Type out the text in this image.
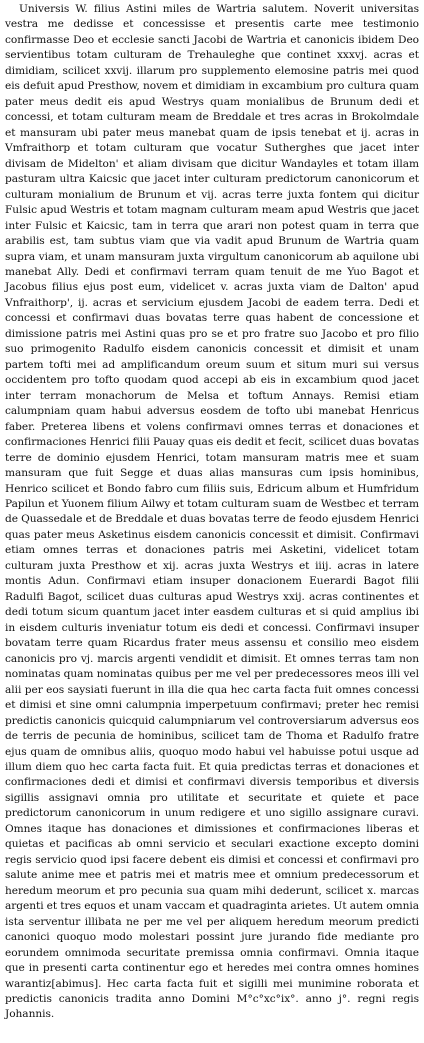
Universis W. filius Astini miles de Wartria salutem. Noverit universitas vestra me dedisse et concessisse et presentis carte mee testimonio confirmasse Deo et ecclesie sancti Jacobi de Wartria et canonicis ibidem Deo servientibus totam culturam de Trehauleghe que continet xxxvj. acras et dimidiam, scilicet xxvij. illarum pro supplemento elemosine patris mei quod eis defuit apud Presthow, novem et dimidiam in excambium pro cultura quam pater meus dedit eis apud Westrys quam monialibus de Brunum dedi et concessi, et totam culturam meam de Breddale et tres acras in Brokolmdale et mansuram ubi pater meus manebat quam de ipsis tenebat et ij. acras in Vmfraithorp et totam culturam que vocatur Sutherghes que jacet inter divisam de Midelton' et aliam divisam que dicitur Wandayles et totam illam pasturam ultra Kaicsic que jacet inter culturam predictorum canonicorum et culturam monialium de Brunum et vij. acras terre juxta fontem qui dicitur Fulsic apud Westris et totam magnam culturam meam apud Westris que jacet inter Fulsic et Kaicsic, tam in terra que arari non potest quam in terra que arabilis est, tam subtus viam que via vadit apud Brunum de Wartria quam supra viam, et unam mansuram juxta virgultum canonicorum ab aquilone ubi manebat Ally. Dedi et confirmavi terram quam tenuit de me Yuo Bagot et Jacobus filius ejus post eum, videlicet v. acras juxta viam de Dalton' apud Vnfraithorp', ij. acras et servicium ejusdem Jacobi de eadem terra. Dedi et concessi et confirmavi duas bovatas terre quas habent de concessione et dimissione patris mei Astini quas pro se et pro fratre suo Jacobo et pro filio suo primogenito Radulfo eisdem canonicis concessit et dimisit et unam partem tofti mei ad amplificandum oreum suum et situm muri sui versus occidentem pro tofto quodam quod accepi ab eis in excambium quod jacet inter terram monachorum de Melsa et toftum Annays. Remisi etiam calumpniam quam habui adversus eosdem de tofto ubi manebat Henricus faber. Preterea libens et volens confirmavi omnes terras et donaciones et confirmaciones Henrici filii Pauay quas eis dedit et fecit, scilicet duas bovatas terre de dominio ejusdem Henrici, totam mansuram matris mee et suam mansuram que fuit Segge et duas alias mansuras cum ipsis hominibus, Henrico scilicet et Bondo fabro cum filiis suis, Edricum album et Humfridum Papilun et Yuonem filium Ailwy et totam culturam suam de Westbec et terram de Quassedale et de Breddale et duas bovatas terre de feodo ejusdem Henrici quas pater meus Asketinus eisdem canonicis concessit et dimisit. Confirmavi etiam omnes terras et donaciones patris mei Asketini, videlicet totam culturam juxta Presthow et xij. acras juxta Westrys et iiij. acras in latere montis Adun. Confirmavi etiam insuper donacionem Euerardi Bagot filii Radulfi Bagot, scilicet duas culturas apud Westrys xxij. acras continentes et dedi totum sicum quantum jacet inter easdem culturas et si quid amplius ibi in eisdem culturis inveniatur totum eis dedi et concessi. Confirmavi insuper bovatam terre quam Ricardus frater meus assensu et consilio meo eisdem canonicis pro vj. marcis argenti vendidit et dimisit. Et omnes terras tam non nominatas quam nominatas quibus per me vel per predecessores meos illi vel alii per eos saysiati fuerunt in illa die qua hec carta facta fuit omnes concessi et dimisi et sine omni calumpnia imperpetuum confirmavi; preter hec remisi predictis canonicis quicquid calumpniarum vel controversiarum adversus eos de terris de pecunia de hominibus, scilicet tam de Thoma et Radulfo fratre ejus quam de omnibus aliis, quoquo modo habui vel habuisse potui usque ad illum diem quo hec carta facta fuit. Et quia predictas terras et donaciones et confirmaciones dedi et dimisi et confirmavi diversis temporibus et diversis sigillis assignavi omnia pro utilitate et securitate et quiete et pace predictorum canonicorum in unum redigere et uno sigillo assignare curavi. Omnes itaque has donaciones et dimissiones et confirmaciones liberas et quietas et pacificas ab omni servicio et seculari exactione excepto domini regis servicio quod ipsi facere debent eis dimisi et concessi et confirmavi pro salute anime mee et patris mei et matris mee et omnium predecessorum et heredum meorum et pro pecunia sua quam mihi dederunt, scilicet x. marcas argenti et tres equos et unam vaccam et quadraginta arietes. Ut autem omnia ista serventur illibata ne per me vel per aliquem heredum meorum predicti canonici quoquo modo molestari possint jure jurando fide mediante pro eorundem omnimoda securitate premissa omnia confirmavi. Omnia itaque que in presenti carta continentur ego et heredes mei contra omnes homines warantiz[abimus]. Hec carta facta fuit et sigilli mei munimine roborata et predictis canonicis tradita anno Domini M°c°xc°ix°. anno j°. regni regis Johannis.
